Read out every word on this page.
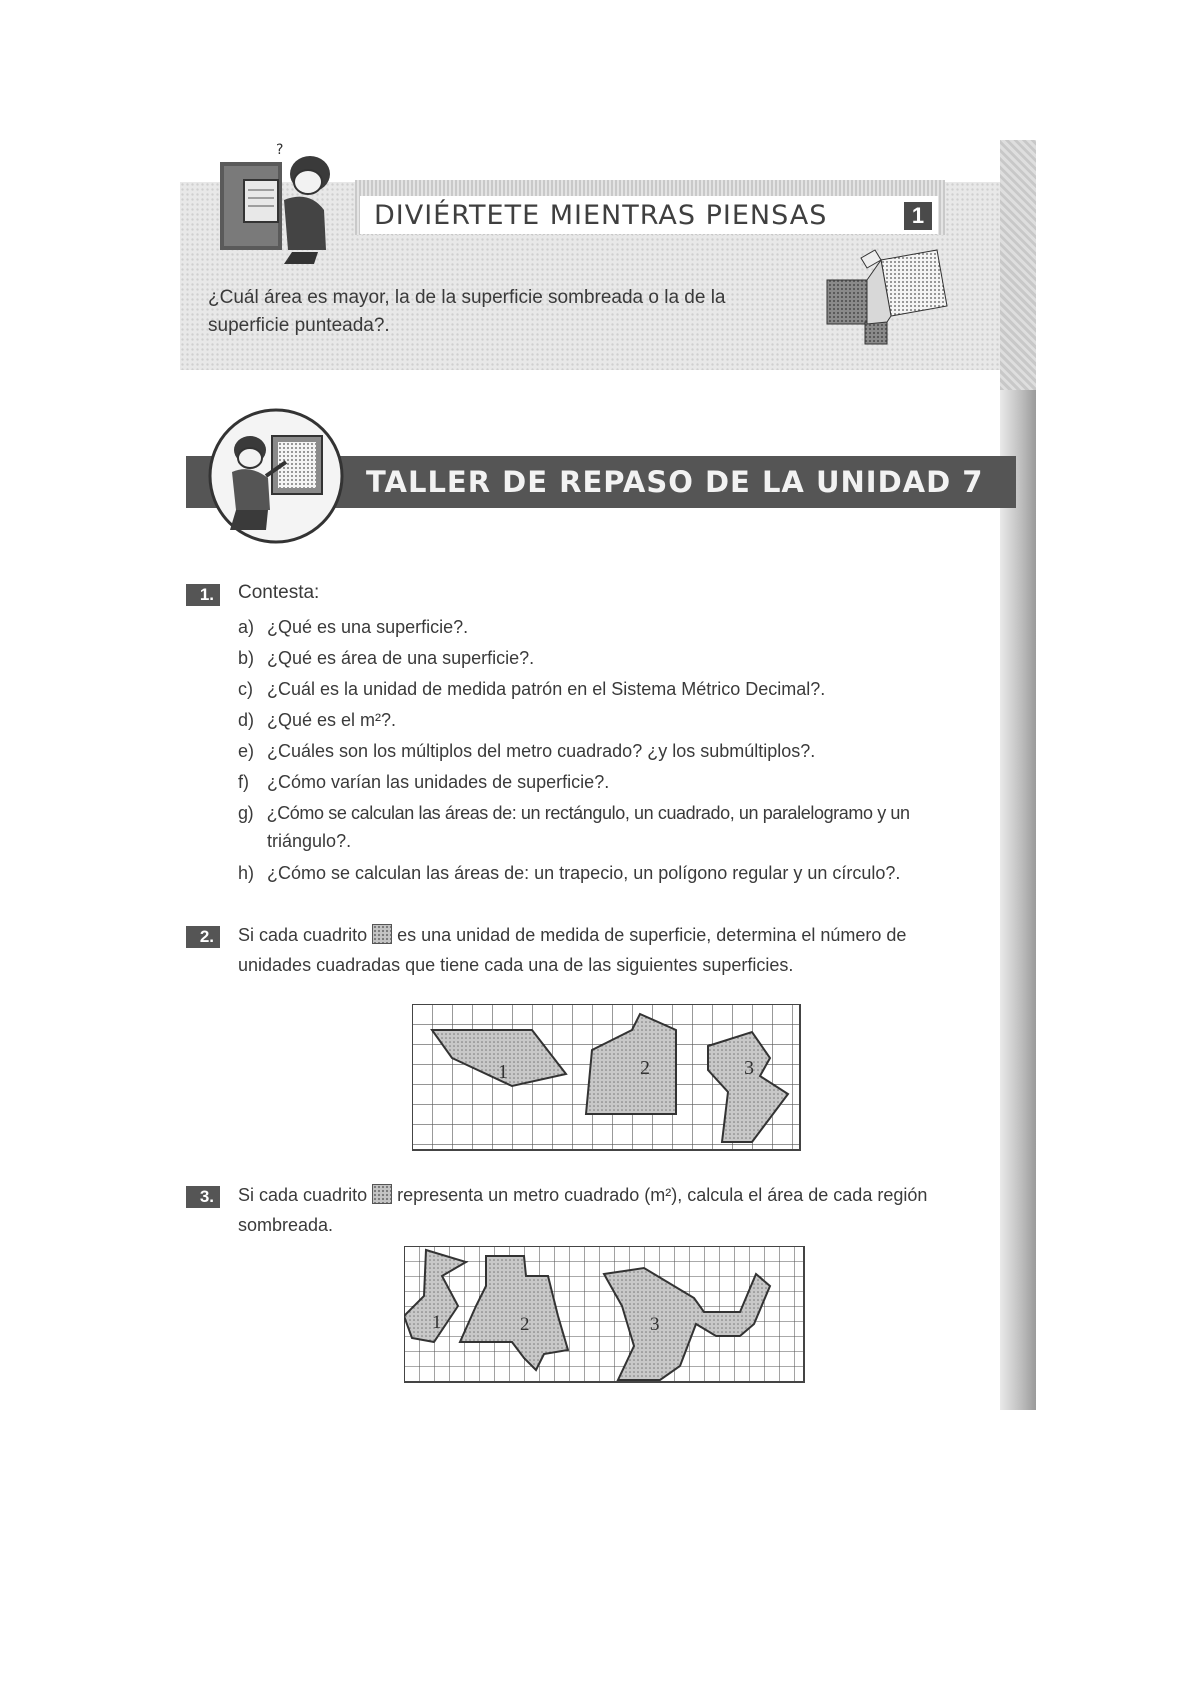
DIVIÉRTETE MIENTRAS PIENSAS	1
?
¿Cuál área es mayor, la de la superficie sombreada o la de la superficie punteada?.
TALLER DE REPASO DE LA UNIDAD 7
1.	Contesta:
a) ¿Qué es una superficie?.
b) ¿Qué es área de una superficie?.
c) ¿Cuál es la unidad de medida patrón en el Sistema Métrico Decimal?.
d) ¿Qué es el m²?.
e) ¿Cuáles son los múltiplos del metro cuadrado? ¿y los submúltiplos?.
f) ¿Cómo varían las unidades de superficie?.
g) ¿Cómo se calculan las áreas de: un rectángulo, un cuadrado, un paralelogramo y un
triángulo?.
h) ¿Cómo se calculan las áreas de: un trapecio, un polígono regular y un círculo?.
2.	Si cada cuadrito es una unidad de medida de superficie, determina el número de
unidades cuadradas que tiene cada una de las siguientes superficies.
1	2	3
3.	Si cada cuadrito representa un metro cuadrado (m²), calcula el área de cada región
sombreada.
1	2	3
